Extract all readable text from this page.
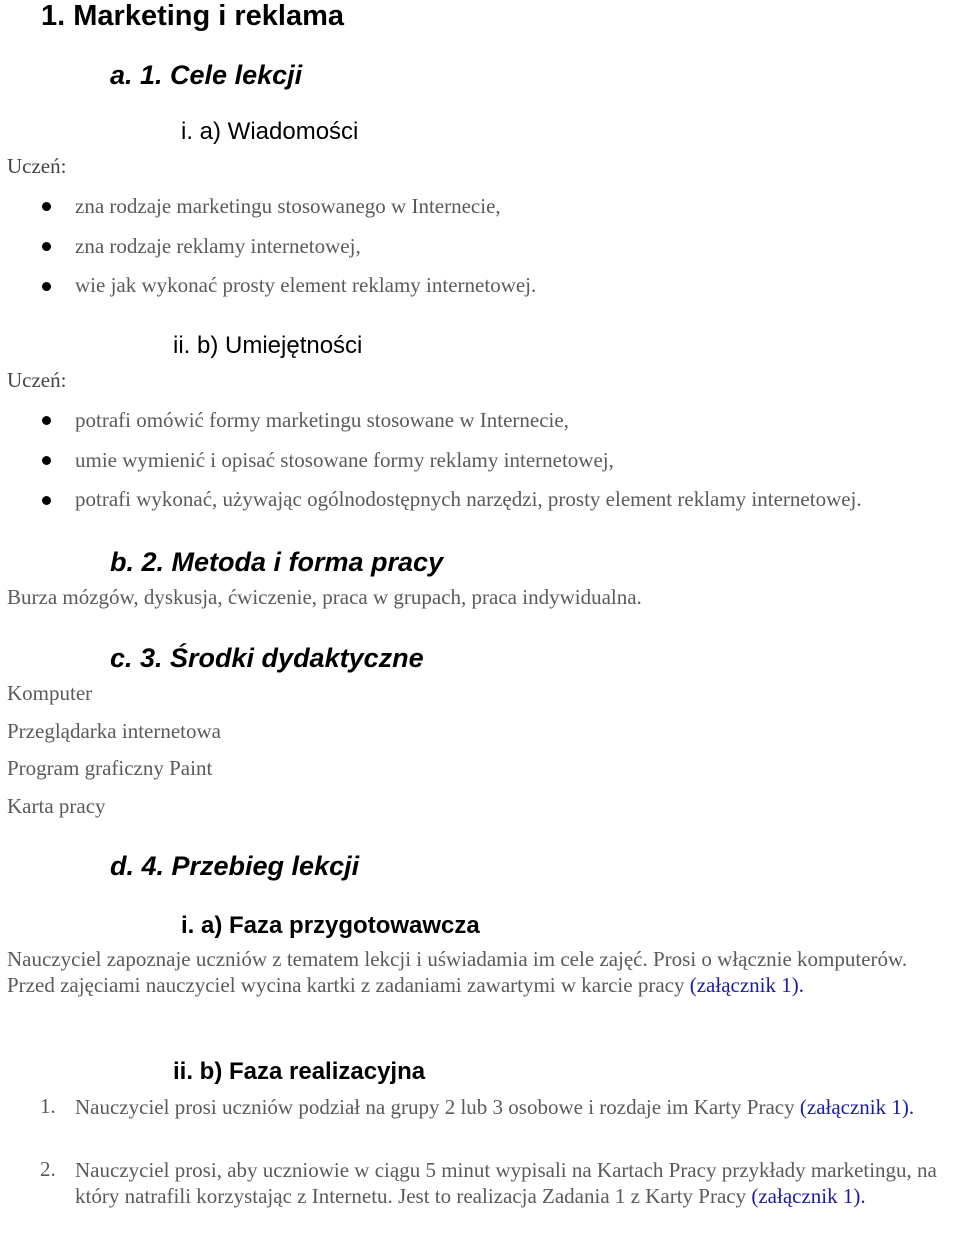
1. Marketing i reklama
a. 1. Cele lekcji
i. a) Wiadomości
Uczeń:
zna rodzaje marketingu stosowanego w Internecie,
zna rodzaje reklamy internetowej,
wie jak wykonać prosty element reklamy internetowej.
ii. b) Umiejętności
Uczeń:
potrafi omówić formy marketingu stosowane w Internecie,
umie wymienić i opisać stosowane formy reklamy internetowej,
potrafi wykonać, używając ogólnodostępnych narzędzi, prosty element reklamy internetowej.
b. 2. Metoda i forma pracy
Burza mózgów, dyskusja, ćwiczenie, praca w grupach, praca indywidualna.
c. 3. Środki dydaktyczne
Komputer
Przeglądarka internetowa
Program graficzny Paint
Karta pracy
d. 4. Przebieg lekcji
i. a) Faza przygotowawcza
Nauczyciel zapoznaje uczniów z tematem lekcji i uświadamia im cele zajęć. Prosi o włącznie komputerów. Przed zajęciami nauczyciel wycina kartki z zadaniami zawartymi w karcie pracy (załącznik 1).
ii. b) Faza realizacyjna
1. Nauczyciel prosi uczniów podział na grupy 2 lub 3 osobowe i rozdaje im Karty Pracy (załącznik 1).
2. Nauczyciel prosi, aby uczniowie w ciągu 5 minut wypisali na Kartach Pracy przykłady marketingu, na który natrafili korzystając z Internetu. Jest to realizacja Zadania 1 z Karty Pracy (załącznik 1).
